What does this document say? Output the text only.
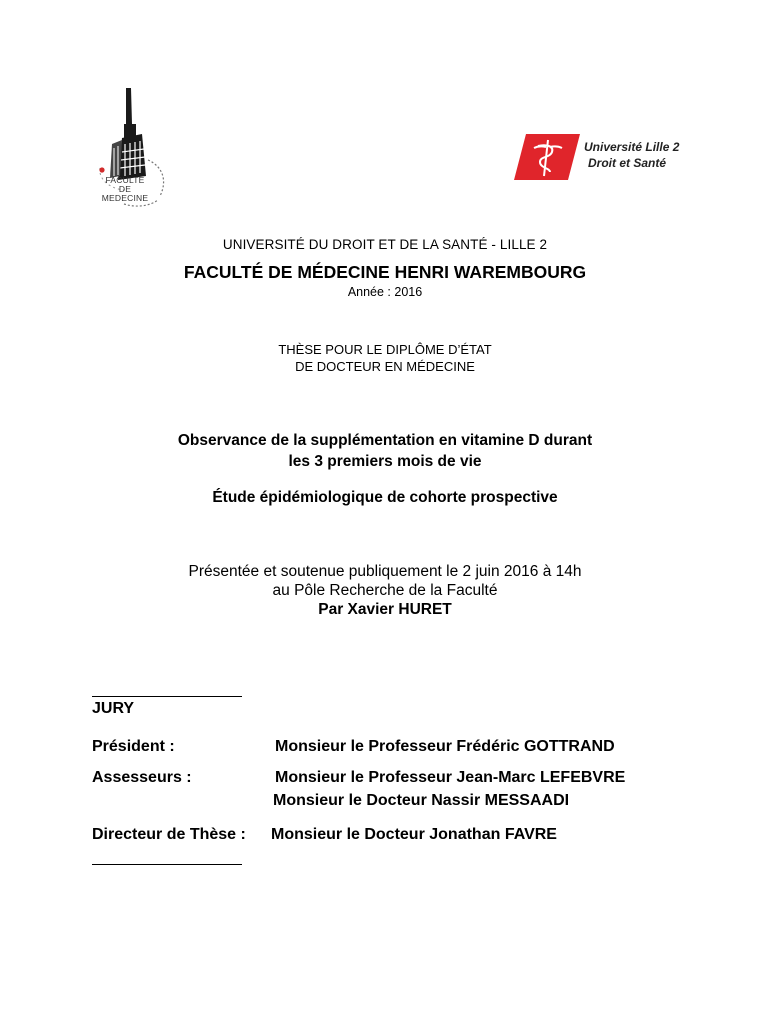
FACULTE
DE MEDECINE
Université Lille 2
Droit et Santé
UNIVERSITÉ DU DROIT ET DE LA SANTÉ - LILLE 2
FACULTÉ DE MÉDECINE HENRI WAREMBOURG
Année : 2016
THÈSE POUR LE DIPLÔME D’ÉTAT
DE DOCTEUR EN MÉDECINE
Observance de la supplémentation en vitamine D durant
les 3 premiers mois de vie
Étude épidémiologique de cohorte prospective
Présentée et soutenue publiquement le 2 juin 2016 à 14h
au Pôle Recherche de la Faculté
Par Xavier HURET
JURY
Président :	Monsieur le Professeur Frédéric GOTTRAND
Assesseurs :	Monsieur le Professeur Jean-Marc LEFEBVRE
Monsieur le Docteur Nassir MESSAADI
Directeur de Thèse : Monsieur le Docteur Jonathan FAVRE
